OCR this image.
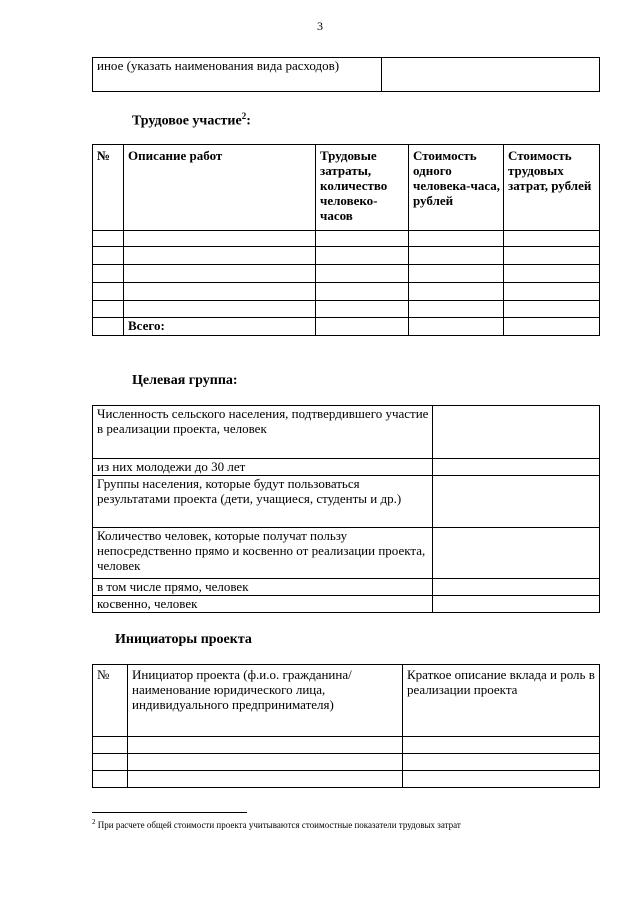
3
иное (указать наименования вида расходов)	
Трудовое участие$^2$:
№	Описание работ	Трудовые затраты, количество человеко-часов	Стоимость одного человека-часа, рублей	Стоимость трудовых затрат, рублей

	Всего:			
Целевая группа:
Численность сельского населения, подтвердившего участие в реализации проекта, человек	
из них молодежи до 30 лет	
Группы населения, которые будут пользоваться результатами проекта (дети, учащиеся, студенты и др.)	
Количество человек, которые получат пользу непосредственно прямо и косвенно от реализации проекта, человек	
в том числе прямо, человек	
косвенно, человек	
Инициаторы проекта
№	Инициатор проекта (ф.и.о. гражданина/наименование юридического лица, индивидуального предпринимателя)	Краткое описание вклада и роль в реализации проекта

$^2$ При расчете общей стоимости проекта учитываются стоимостные показатели трудовых затрат
